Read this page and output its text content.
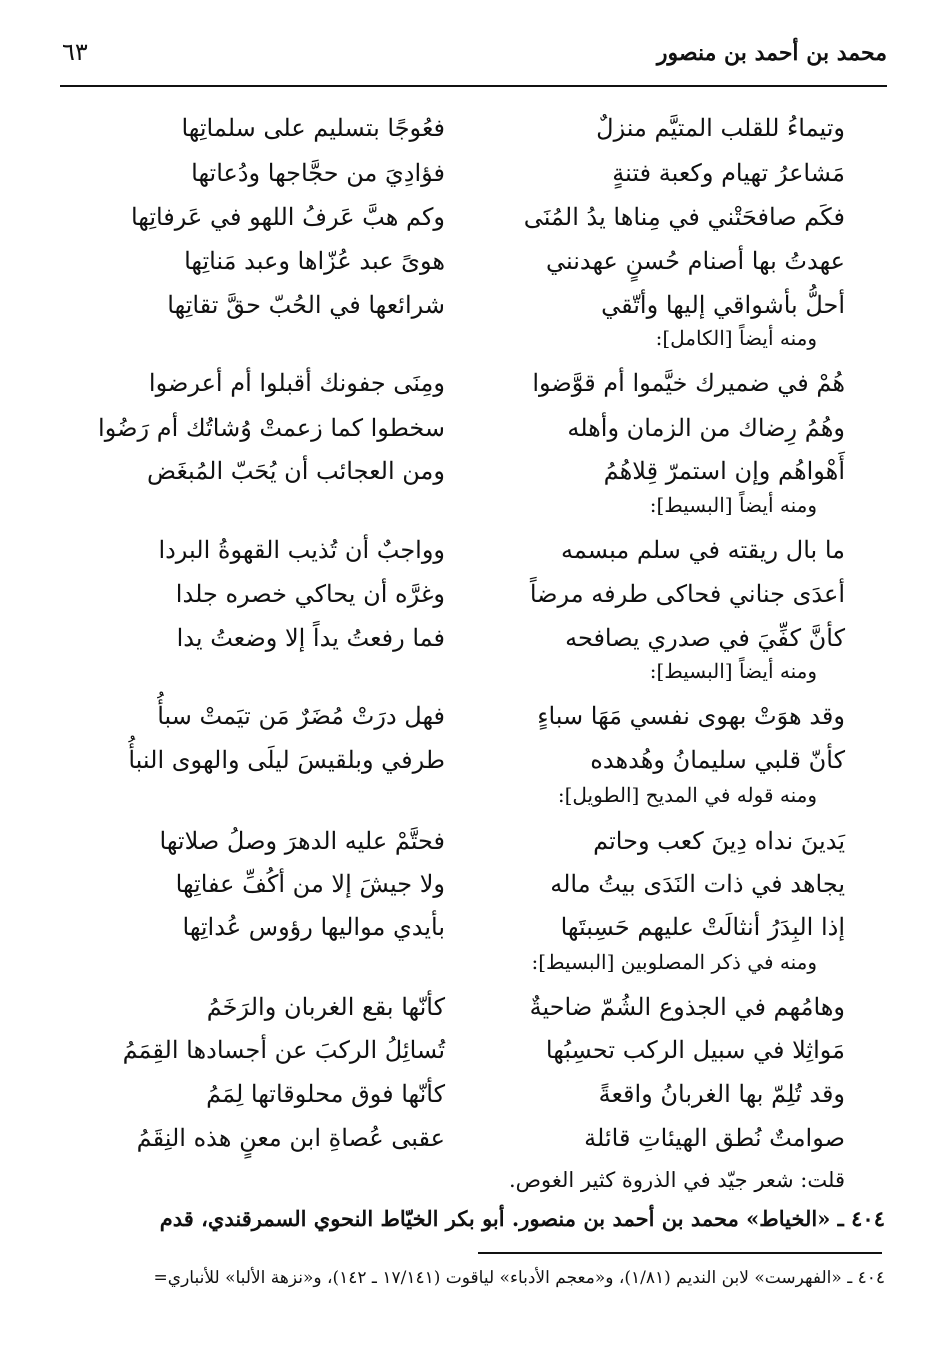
محمد بن أحمد بن منصور
٦٣
وتيماءُ للقلب المتيَّم منزلٌ
فعُوجًا بتسليم على سلماتِها
مَشاعرُ تهيام وكعبة فتنةٍ
فؤادِيَ من حجَّاجها ودُعاتها
فكَم صافحَتْني في مِناها يدُ المُنَى
وكم هبَّ عَرفُ اللهو في عَرفاتِها
عهدتُ بها أصنام حُسنٍ عهدنني
هوىً عبد عُزّاها وعبد مَناتِها
أحلُّ بأشواقي إليها وأتّقي
شرائعها في الحُبّ حقَّ تقاتِها
ومنه أيضاً [الكامل]:
هُمْ في ضميرك خيَّموا أم قوَّضوا
ومِنَى جفونك أقبلوا أم أعرضوا
وهُمُ رِضاك من الزمان وأهله
سخطوا كما زعمتْ وُشاتُك أم رَضُوا
أَهْواهُم وإن استمرّ قِلاهُمُ
ومن العجائب أن يُحَبّ المُبغَض
ومنه أيضاً [البسيط]:
ما بال ريقته في سلم مبسمه
وواجبٌ أن تُذيب القهوةُ البردا
أعدَى جناني فحاكى طرفه مرضاً
وغرَّه أن يحاكي خصره جلدا
كأنَّ كفِّيَ في صدري يصافحه
فما رفعتُ يداً إلا وضعتُ يدا
ومنه أيضاً [البسيط]:
وقد هوَتْ بهوى نفسي مَهَا سباءٍ
فهل درَتْ مُضَرٌ مَن تيَمتْ سبأُ
كأنّ قلبي سليمانُ وهُدهده
طرفي وبلقيسَ ليلَى والهوى النبأُ
ومنه قوله في المديح [الطويل]:
يَدينَ نداه دِينَ كعب وحاتم
فحتَّمْ عليه الدهرَ وصلُ صلاتها
يجاهد في ذات النَدَى بيتُ ماله
ولا جيشَ إلا من أكُفِّ عفاتِها
إذا البِدَرُ أنثالَتْ عليهم حَسِبتَها
بأيدي مواليها رؤوس عُداتِها
ومنه في ذكر المصلوبين [البسيط]:
وهامُهم في الجذوع الشُمّ ضاحيةٌ
كأنّها بقع الغربان والرَخَمُ
مَواثِلا في سبيل الركب تحسِبُها
تُسائِلُ الركبَ عن أجسادها القِمَمُ
وقد تُلِمّ بها الغربانُ واقعةً
كأنّها فوق محلوقاتها لِمَمُ
صوامتٌ نُطق الهيئاتِ قائلة
عقبى عُصاةِ ابن معنٍ هذه النِقَمُ
قلت: شعر جيّد في الذروة كثير الغوص.
٤٠٤ ـ «الخياط» محمد بن أحمد بن منصور. أبو بكر الخيّاط النحوي السمرقندي، قدم
٤٠٤ ـ «الفهرست» لابن النديم (١/٨١)، و«معجم الأدباء» لياقوت (١٧/١٤١ ـ ١٤٢)، و«نزهة الألبا» للأنباري=
